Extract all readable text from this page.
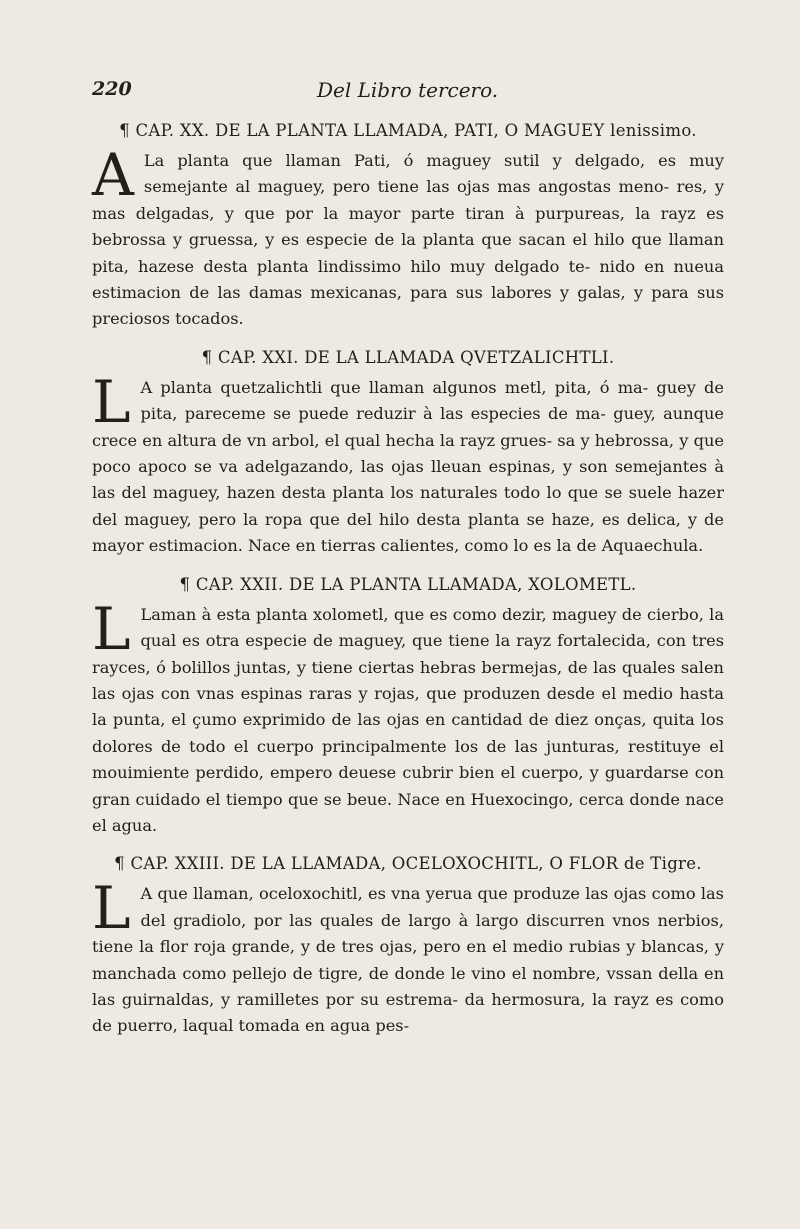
220	Del Libro tercero.
¶ CAP. XX. DE LA PLANTA LLAMADA, PATI, O MAGUEY lenissimo.

A La planta que llaman Pati, ó maguey sutil y delgado, es muy semejante al maguey, pero tiene las ojas mas angostas meno- res, y mas delgadas, y que por la mayor parte tiran à purpureas, la rayz es bebrossa y gruessa, y es especie de la planta que sacan el hilo que llaman pita, hazese desta planta lindissimo hilo muy delgado te- nido en nueua estimacion de las damas mexicanas, para sus labores y galas, y para sus preciosos tocados.

¶ CAP. XXI. DE LA LLAMADA QVETZALICHTLI.

L A planta quetzalichtli que llaman algunos metl, pita, ó ma- guey de pita, pareceme se puede reduzir à las especies de ma- guey, aunque crece en altura de vn arbol, el qual hecha la rayz grues- sa y hebrossa, y que poco apoco se va adelgazando, las ojas lleuan espinas, y son semejantes à las del maguey, hazen desta planta los naturales todo lo que se suele hazer del maguey, pero la ropa que del hilo desta planta se haze, es delica, y de mayor estimacion. Nace en tierras calientes, como lo es la de Aquaechula.

¶ CAP. XXII. DE LA PLANTA LLAMADA, XOLOMETL.

L Laman à esta planta xolometl, que es como dezir, maguey de cierbo, la qual es otra especie de maguey, que tiene la rayz fortalecida, con tres rayces, ó bolillos juntas, y tiene ciertas hebras bermejas, de las quales salen las ojas con vnas espinas raras y rojas, que produzen desde el medio hasta la punta, el çumo exprimido de las ojas en cantidad de diez onças, quita los dolores de todo el cuerpo principalmente los de las junturas, restituye el mouimiente perdido, empero deuese cubrir bien el cuerpo, y guardarse con gran cuidado el tiempo que se beue. Nace en Huexocingo, cerca donde nace el agua.

¶ CAP. XXIII. DE LA LLAMADA, OCELOXOCHITL, O FLOR de Tigre.

L A que llaman, oceloxochitl, es vna yerua que produze las ojas como las del gradiolo, por las quales de largo à largo discurren vnos nerbios, tiene la flor roja grande, y de tres ojas, pero en el medio rubias y blancas, y manchada como pellejo de tigre, de donde le vino el nombre, vssan della en las guirnaldas, y ramilletes por su estrema- da hermosura, la rayz es como de puerro, laqual tomada en agua pes-
